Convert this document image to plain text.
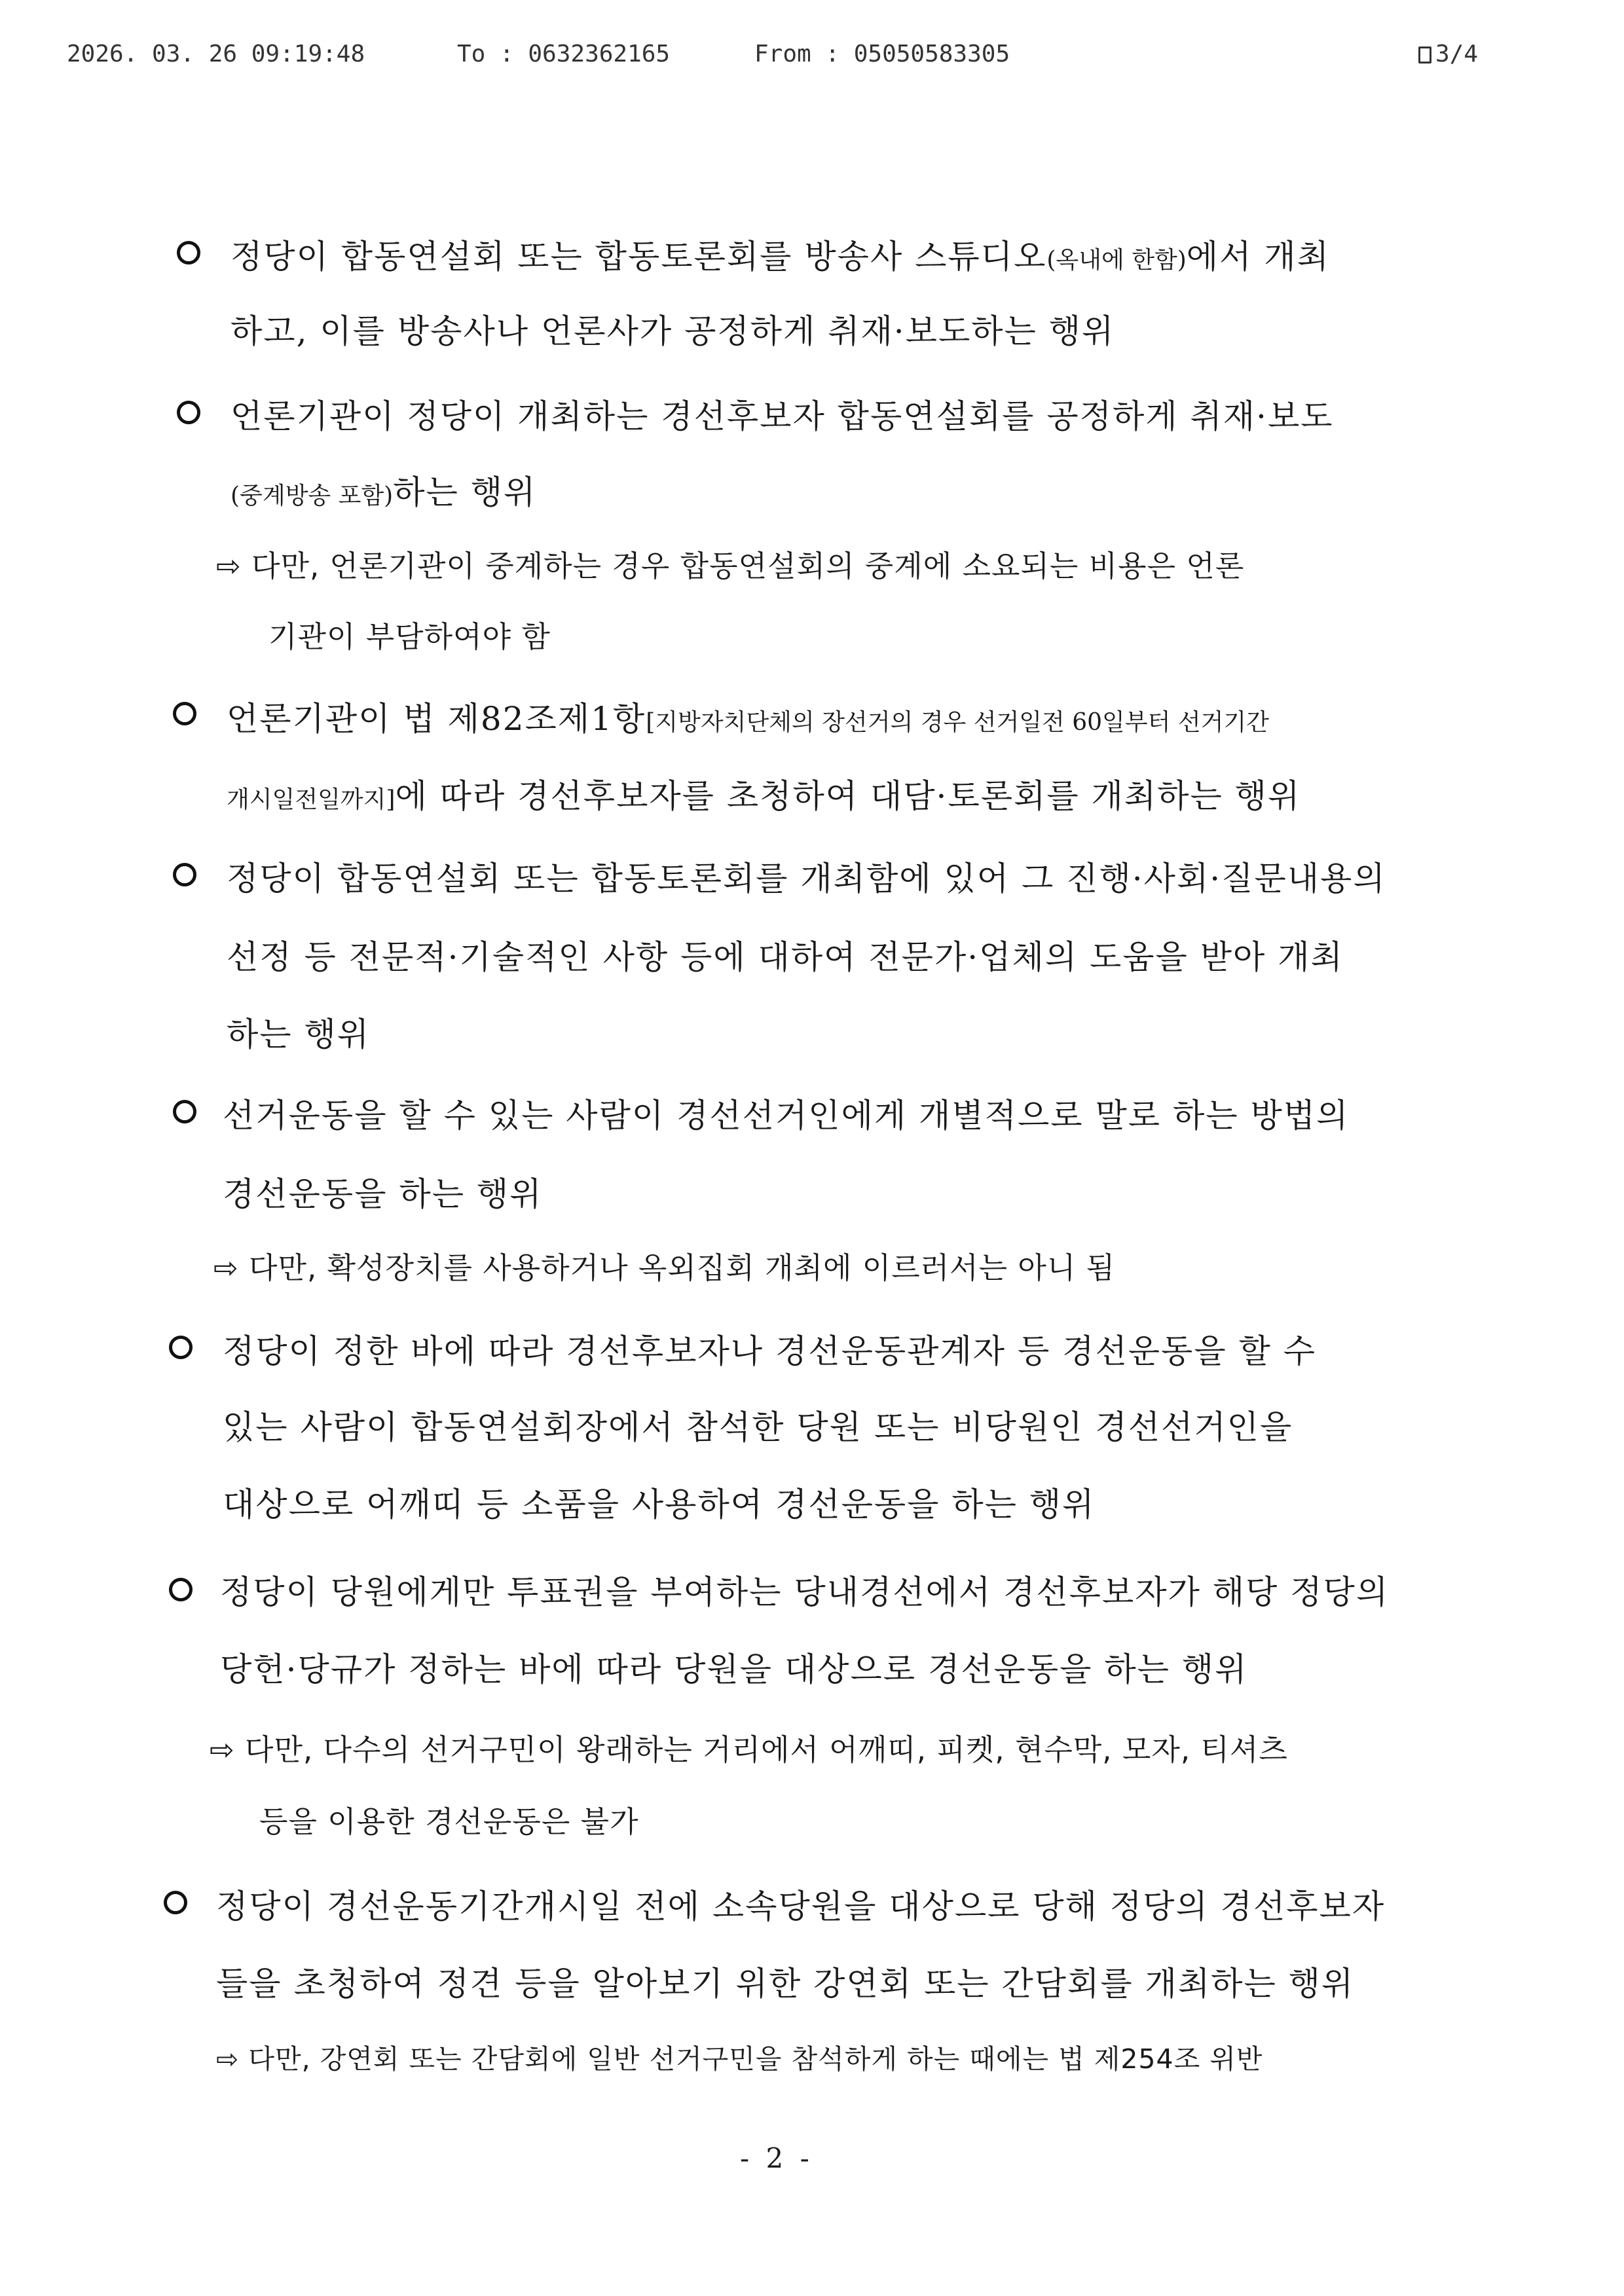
2026. 03. 26 09:19:48	To : 0632362165	From : 05050583305	3/4
정당이 합동연설회 또는 합동토론회를 방송사 스튜디오(옥내에 한함)에서 개최
하고, 이를 방송사나 언론사가 공정하게 취재·보도하는 행위
언론기관이 정당이 개최하는 경선후보자 합동연설회를 공정하게 취재·보도
(중계방송 포함)하는 행위
⇨ 다만, 언론기관이 중계하는 경우 합동연설회의 중계에 소요되는 비용은 언론
기관이 부담하여야 함
언론기관이 법 제82조제1항[지방자치단체의 장선거의 경우 선거일전 60일부터 선거기간
개시일전일까지]에 따라 경선후보자를 초청하여 대담·토론회를 개최하는 행위
정당이 합동연설회 또는 합동토론회를 개최함에 있어 그 진행·사회·질문내용의
선정 등 전문적·기술적인 사항 등에 대하여 전문가·업체의 도움을 받아 개최
하는 행위
선거운동을 할 수 있는 사람이 경선선거인에게 개별적으로 말로 하는 방법의
경선운동을 하는 행위
⇨ 다만, 확성장치를 사용하거나 옥외집회 개최에 이르러서는 아니 됨
정당이 정한 바에 따라 경선후보자나 경선운동관계자 등 경선운동을 할 수
있는 사람이 합동연설회장에서 참석한 당원 또는 비당원인 경선선거인을
대상으로 어깨띠 등 소품을 사용하여 경선운동을 하는 행위
정당이 당원에게만 투표권을 부여하는 당내경선에서 경선후보자가 해당 정당의
당헌·당규가 정하는 바에 따라 당원을 대상으로 경선운동을 하는 행위
⇨ 다만, 다수의 선거구민이 왕래하는 거리에서 어깨띠, 피켓, 현수막, 모자, 티셔츠
등을 이용한 경선운동은 불가
정당이 경선운동기간개시일 전에 소속당원을 대상으로 당해 정당의 경선후보자
들을 초청하여 정견 등을 알아보기 위한 강연회 또는 간담회를 개최하는 행위
⇨ 다만, 강연회 또는 간담회에 일반 선거구민을 참석하게 하는 때에는 법 제254조 위반
- 2 -
